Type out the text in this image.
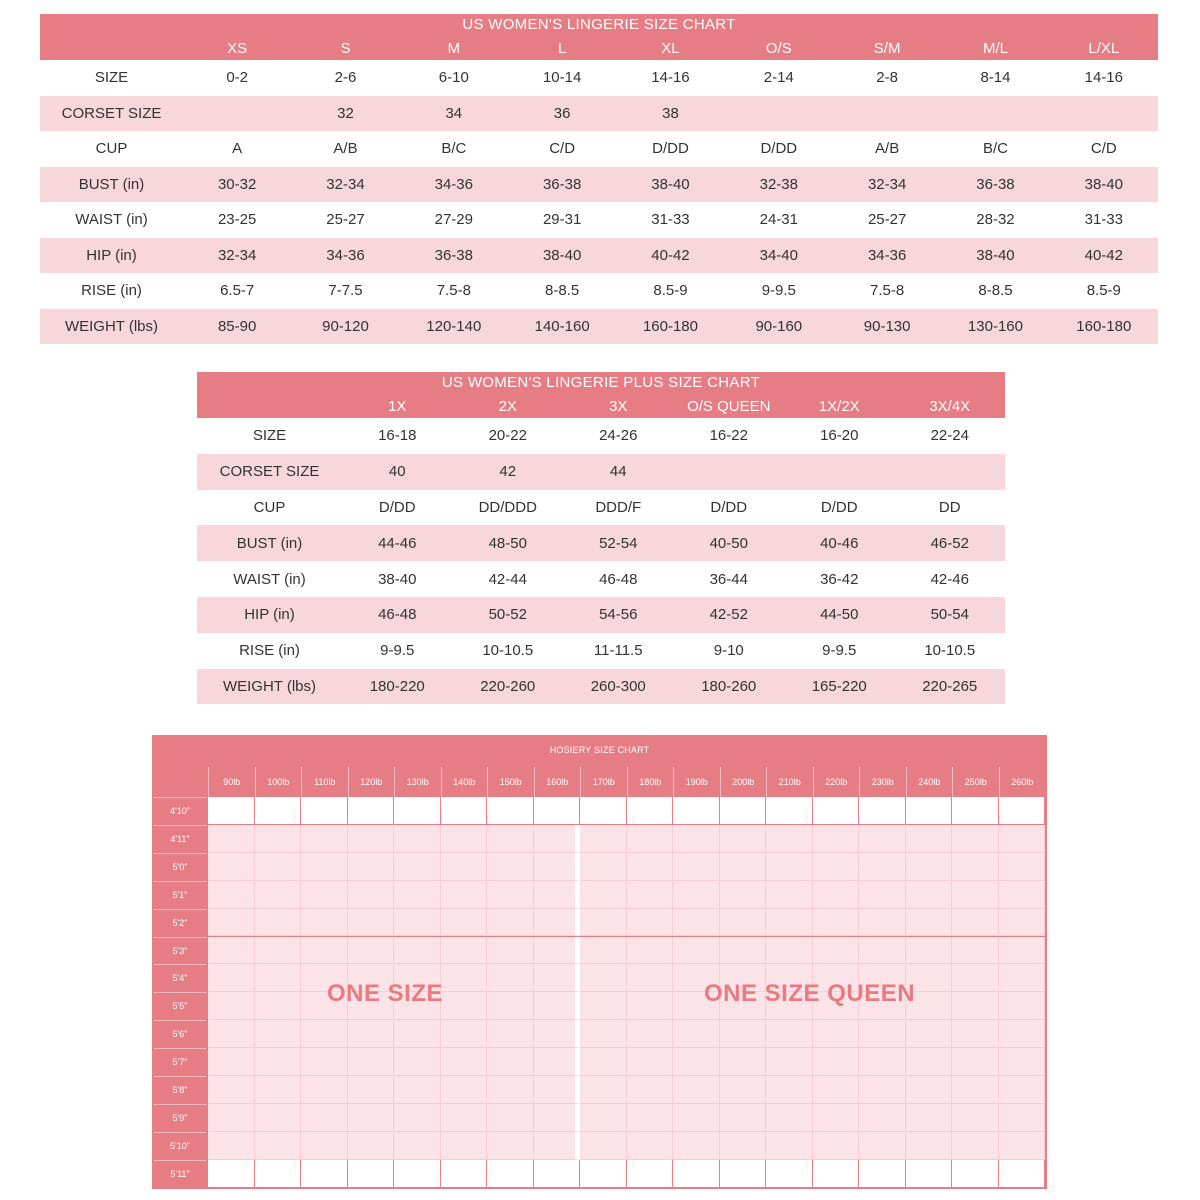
US WOMEN'S LINGERIE SIZE CHART
	XS	S	M	L	XL	O/S	S/M	M/L	L/XL
SIZE	0-2	2-6	6-10	10-14	14-16	2-14	2-8	8-14	14-16
CORSET SIZE		32	34	36	38				
CUP	A	A/B	B/C	C/D	D/DD	D/DD	A/B	B/C	C/D
BUST (in)	30-32	32-34	34-36	36-38	38-40	32-38	32-34	36-38	38-40
WAIST (in)	23-25	25-27	27-29	29-31	31-33	24-31	25-27	28-32	31-33
HIP (in)	32-34	34-36	36-38	38-40	40-42	34-40	34-36	38-40	40-42
RISE (in)	6.5-7	7-7.5	7.5-8	8-8.5	8.5-9	9-9.5	7.5-8	8-8.5	8.5-9
WEIGHT (lbs)	85-90	90-120	120-140	140-160	160-180	90-160	90-130	130-160	160-180
US WOMEN'S LINGERIE PLUS SIZE CHART
	1X	2X	3X	O/S QUEEN	1X/2X	3X/4X
SIZE	16-18	20-22	24-26	16-22	16-20	22-24
CORSET SIZE	40	42	44			
CUP	D/DD	DD/DDD	DDD/F	D/DD	D/DD	DD
BUST (in)	44-46	48-50	52-54	40-50	40-46	46-52
WAIST (in)	38-40	42-44	46-48	36-44	36-42	42-46
HIP (in)	46-48	50-52	54-56	42-52	44-50	50-54
RISE (in)	9-9.5	10-10.5	11-11.5	9-10	9-9.5	10-10.5
WEIGHT (lbs)	180-220	220-260	260-300	180-260	165-220	220-265
HOSIERY SIZE CHART
90lb	100lb	110lb	120lb	130lb	140lb	150lb	160lb	170lb	180lb	190lb	200lb	210lb	220lb	230lb	240lb	250lb	260lb
4'10"
4'11"
5'0"
5'1"
5'2"
5'3"
5'4"
5'5"
5'6"
5'7"
5'8"
5'9"
5'10"
5'11"
ONE SIZE	ONE SIZE QUEEN
